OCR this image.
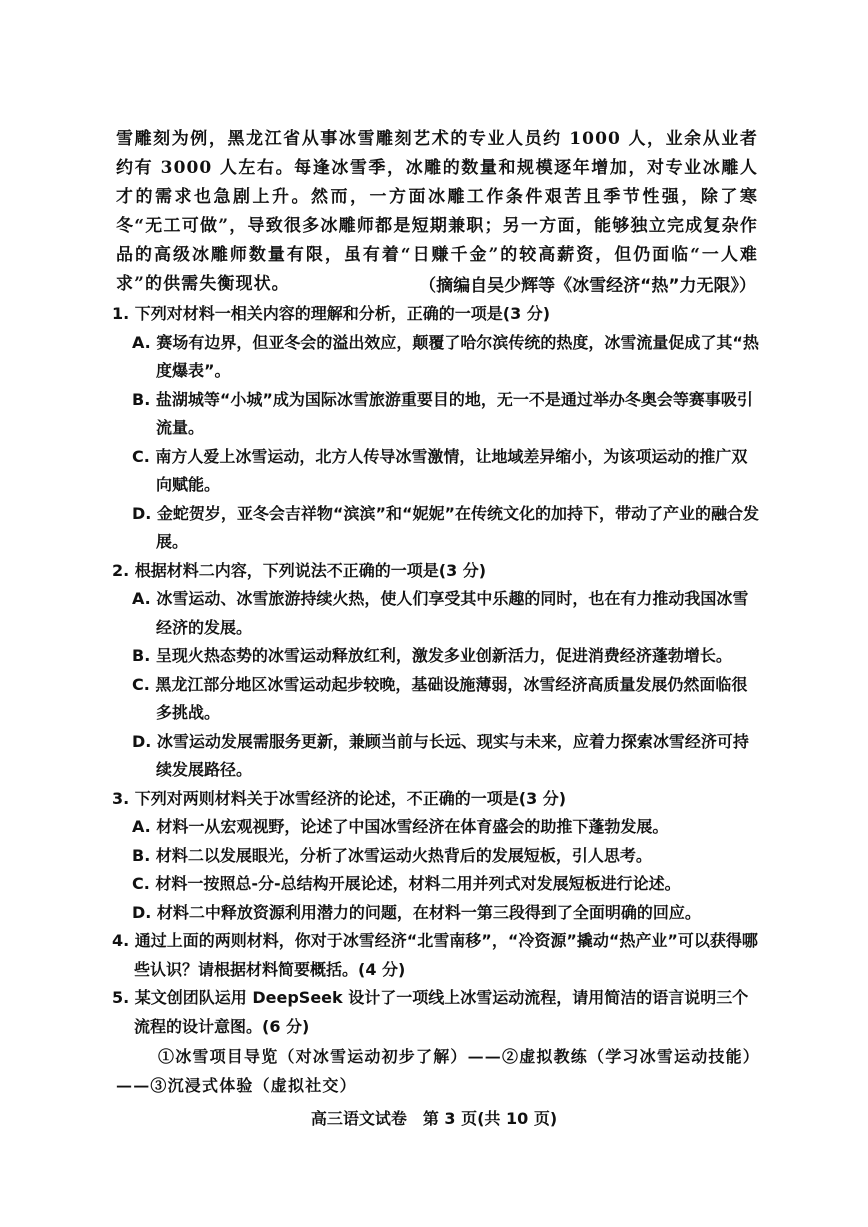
雪雕刻为例，黑龙江省从事冰雪雕刻艺术的专业人员约 1000 人，业余从业者约有 3000 人左右。每逢冰雪季，冰雕的数量和规模逐年增加，对专业冰雕人才的需求也急剧上升。然而，一方面冰雕工作条件艰苦且季节性强，除了寒冬“无工可做”，导致很多冰雕师都是短期兼职；另一方面，能够独立完成复杂作品的高级冰雕师数量有限，虽有着“日赚千金”的较高薪资，但仍面临“一人难求”的供需失衡现状。	（摘编自吴少辉等《冰雪经济“热”力无限》）

1. 下列对材料一相关内容的理解和分析，正确的一项是(3 分)
A. 赛场有边界，但亚冬会的溢出效应，颠覆了哈尔滨传统的热度，冰雪流量促成了其“热度爆表”。
B. 盐湖城等“小城”成为国际冰雪旅游重要目的地，无一不是通过举办冬奥会等赛事吸引流量。
C. 南方人爱上冰雪运动，北方人传导冰雪激情，让地域差异缩小，为该项运动的推广双向赋能。
D. 金蛇贺岁，亚冬会吉祥物“滨滨”和“妮妮”在传统文化的加持下，带动了产业的融合发展。
2. 根据材料二内容，下列说法不正确的一项是(3 分)
A. 冰雪运动、冰雪旅游持续火热，使人们享受其中乐趣的同时，也在有力推动我国冰雪经济的发展。
B. 呈现火热态势的冰雪运动释放红利，激发多业创新活力，促进消费经济蓬勃增长。
C. 黑龙江部分地区冰雪运动起步较晚，基础设施薄弱，冰雪经济高质量发展仍然面临很多挑战。
D. 冰雪运动发展需服务更新，兼顾当前与长远、现实与未来，应着力探索冰雪经济可持续发展路径。
3. 下列对两则材料关于冰雪经济的论述，不正确的一项是(3 分)
A. 材料一从宏观视野，论述了中国冰雪经济在体育盛会的助推下蓬勃发展。
B. 材料二以发展眼光，分析了冰雪运动火热背后的发展短板，引人思考。
C. 材料一按照总-分-总结构开展论述，材料二用并列式对发展短板进行论述。
D. 材料二中释放资源利用潜力的问题，在材料一第三段得到了全面明确的回应。
4. 通过上面的两则材料，你对于冰雪经济“北雪南移”，“冷资源”撬动“热产业”可以获得哪些认识？请根据材料简要概括。(4 分)
5. 某文创团队运用 DeepSeek 设计了一项线上冰雪运动流程，请用简洁的语言说明三个流程的设计意图。(6 分)

①冰雪项目导览（对冰雪运动初步了解）——②虚拟教练（学习冰雪运动技能）——③沉浸式体验（虚拟社交）

高三语文试卷　第 3 页(共 10 页)
